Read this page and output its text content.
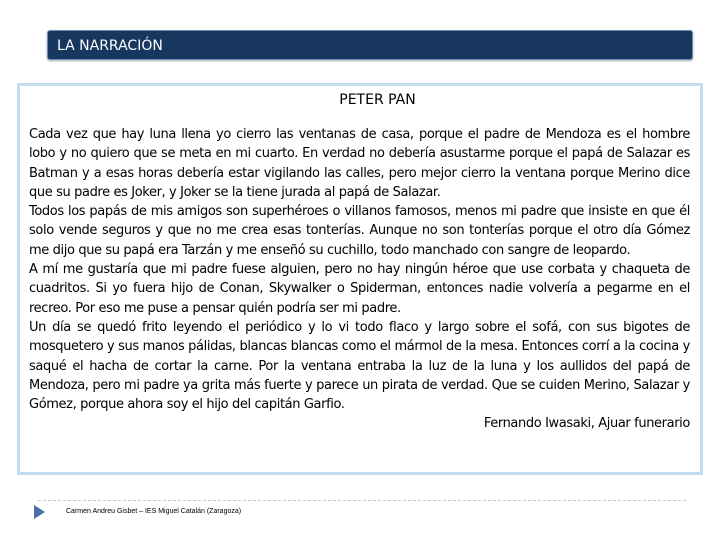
LA NARRACIÓN
PETER PAN

Cada vez que hay luna llena yo cierro las ventanas de casa, porque el padre de Mendoza es el hombre lobo y no quiero que se meta en mi cuarto. En verdad no debería asustarme porque el papá de Salazar es Batman y a esas horas debería estar vigilando las calles, pero mejor cierro la ventana porque Merino dice que su padre es Joker, y Joker se la tiene jurada al papá de Salazar.

Todos los papás de mis amigos son superhéroes o villanos famosos, menos mi padre que insiste en que él solo vende seguros y que no me crea esas tonterías. Aunque no son tonterías porque el otro día Gómez me dijo que su papá era Tarzán y me enseñó su cuchillo, todo manchado con sangre de leopardo.

A mí me gustaría que mi padre fuese alguien, pero no hay ningún héroe que use corbata y chaqueta de cuadritos. Si yo fuera hijo de Conan, Skywalker o Spiderman, entonces nadie volvería a pegarme en el recreo. Por eso me puse a pensar quién podría ser mi padre.

Un día se quedó frito leyendo el periódico y lo vi todo flaco y largo sobre el sofá, con sus bigotes de mosquetero y sus manos pálidas, blancas blancas como el mármol de la mesa. Entonces corrí a la cocina y saqué el hacha de cortar la carne. Por la ventana entraba la luz de la luna y los aullidos del papá de Mendoza, pero mi padre ya grita más fuerte y parece un pirata de verdad. Que se cuiden Merino, Salazar y Gómez, porque ahora soy el hijo del capitán Garfio.

Fernando Iwasaki, Ajuar funerario

Carmen Andreu Gisbet – IES Miguel Catalán (Zaragoza)
